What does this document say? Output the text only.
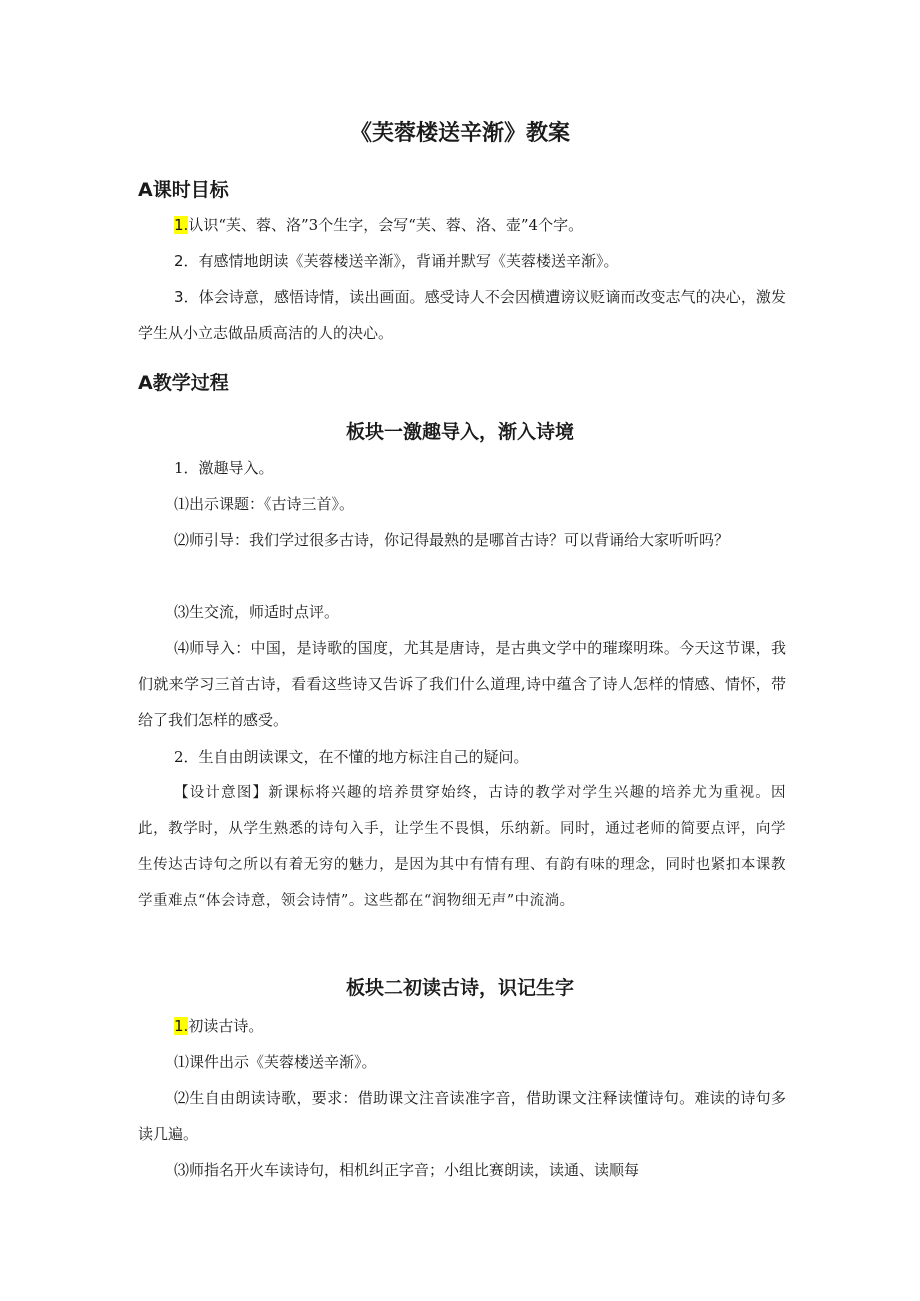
《芙蓉楼送辛渐》教案
A课时目标

1.认识“芙、蓉、洛”3个生字，会写“芙、蓉、洛、壶”4个字。

2．有感情地朗读《芙蓉楼送辛渐》，背诵并默写《芙蓉楼送辛渐》。

3．体会诗意，感悟诗情，读出画面。感受诗人不会因横遭谤议贬谪而改变志气的决心，激发学生从小立志做品质高洁的人的决心。

A教学过程
板块一激趣导入，渐入诗境

1．激趣导入。

⑴出示课题：《古诗三首》。

⑵师引导：我们学过很多古诗，你记得最熟的是哪首古诗？可以背诵给大家听听吗？

⑶生交流，师适时点评。

⑷师导入：中国，是诗歌的国度，尤其是唐诗，是古典文学中的璀璨明珠。今天这节课，我们就来学习三首古诗，看看这些诗又告诉了我们什么道理,诗中蕴含了诗人怎样的情感、情怀，带给了我们怎样的感受。

2．生自由朗读课文，在不懂的地方标注自己的疑问。

【设计意图】新课标将兴趣的培养贯穿始终，古诗的教学对学生兴趣的培养尤为重视。因此，教学时，从学生熟悉的诗句入手，让学生不畏惧，乐纳新。同时，通过老师的简要点评，向学生传达古诗句之所以有着无穷的魅力，是因为其中有情有理、有韵有味的理念，同时也紧扣本课教学重难点“体会诗意，领会诗情”。这些都在“润物细无声”中流淌。

板块二初读古诗，识记生字

1.初读古诗。

⑴课件出示《芙蓉楼送辛渐》。

⑵生自由朗读诗歌，要求：借助课文注音读准字音，借助课文注释读懂诗句。难读的诗句多读几遍。

⑶师指名开火车读诗句，相机纠正字音；小组比赛朗读，读通、读顺每
